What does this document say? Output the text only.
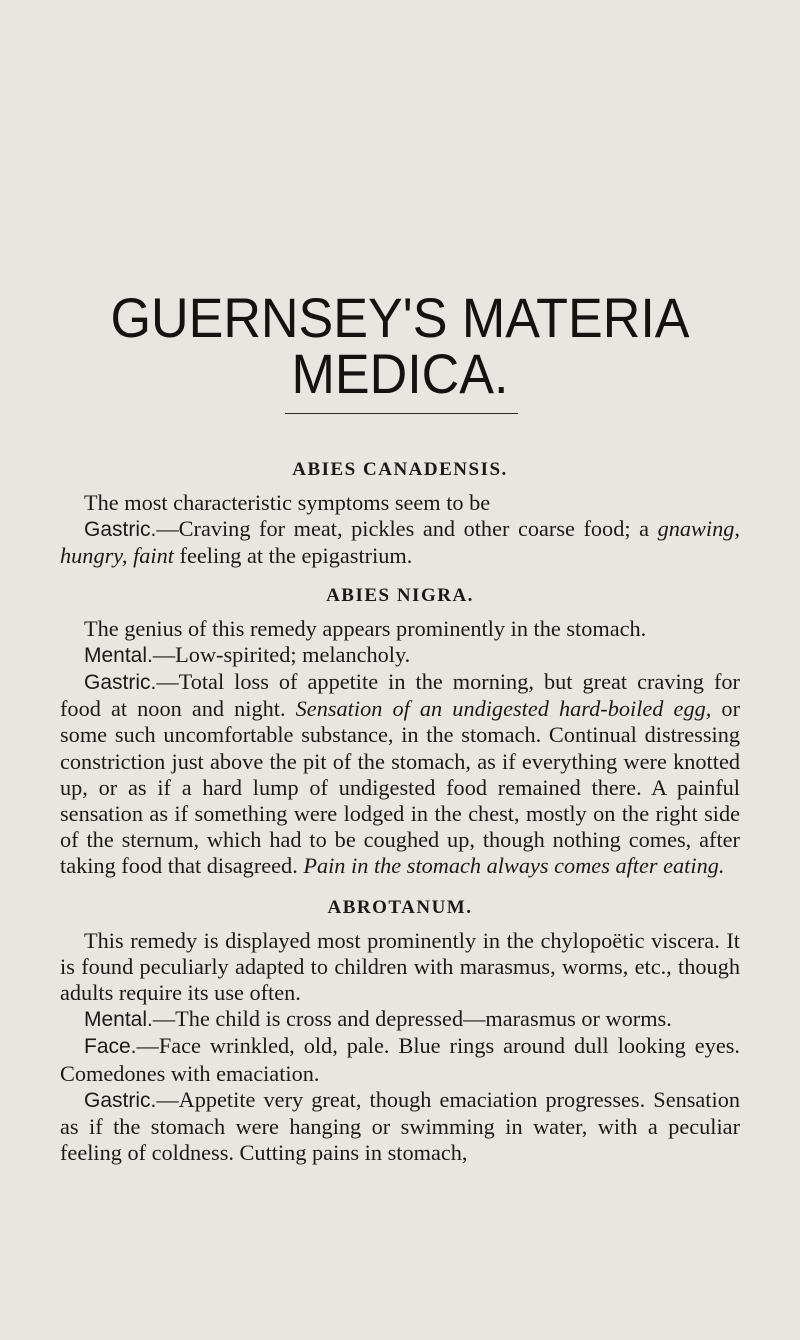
GUERNSEY'S MATERIA MEDICA.
ABIES CANADENSIS.

The most characteristic symptoms seem to be

Gastric.—Craving for meat, pickles and other coarse food; a gnawing, hungry, faint feeling at the epigastrium.

ABIES NIGRA.

The genius of this remedy appears prominently in the stomach.

Mental.—Low-spirited; melancholy.

Gastric.—Total loss of appetite in the morning, but great craving for food at noon and night. Sensation of an undigested hard-boiled egg, or some such uncomfortable substance, in the stomach. Continual distressing constriction just above the pit of the stomach, as if everything were knotted up, or as if a hard lump of undigested food remained there. A painful sensation as if something were lodged in the chest, mostly on the right side of the sternum, which had to be coughed up, though nothing comes, after taking food that disagreed. Pain in the stomach always comes after eating.

ABROTANUM.

This remedy is displayed most prominently in the chylopoëtic viscera. It is found peculiarly adapted to children with marasmus, worms, etc., though adults require its use often.

Mental.—The child is cross and depressed—marasmus or worms.

Face.—Face wrinkled, old, pale. Blue rings around dull looking eyes. Comedones with emaciation.

Gastric.—Appetite very great, though emaciation progresses. Sensation as if the stomach were hanging or swimming in water, with a peculiar feeling of coldness. Cutting pains in stomach,
